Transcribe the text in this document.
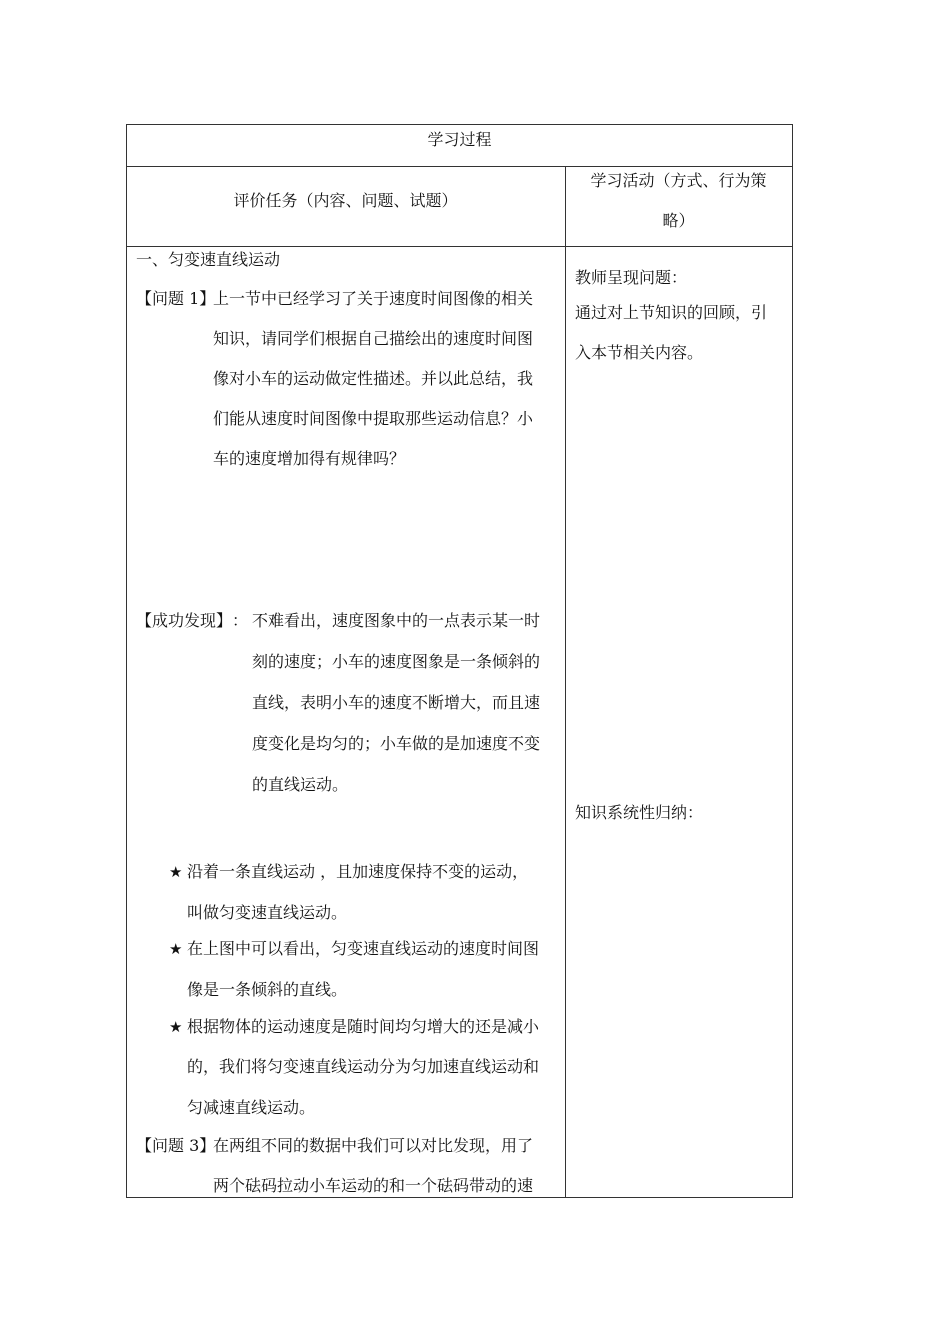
学习过程
评价任务（内容、问题、试题）
学习活动（方式、行为策
略）
一、匀变速直线运动
【问题 1】
上一节中已经学习了关于速度时间图像的相关
知识，请同学们根据自己描绘出的速度时间图
像对小车的运动做定性描述。并以此总结，我
们能从速度时间图像中提取那些运动信息？小
车的速度增加得有规律吗？
【成功发现】 ： 不难看出，速度图象中的一点表示某一时
刻的速度；小车的速度图象是一条倾斜的
直线，表明小车的速度不断增大，而且速
度变化是均匀的；小车做的是加速度不变
的直线运动。
★ 沿着一条直线运动 ，且加速度保持不变的运动，
叫做匀变速直线运动。
★ 在上图中可以看出，匀变速直线运动的速度时间图
像是一条倾斜的直线。
★ 根据物体的运动速度是随时间均匀增大的还是减小
的，我们将匀变速直线运动分为匀加速直线运动和
匀减速直线运动。
【问题 3】
在两组不同的数据中我们可以对比发现，用了
两个砝码拉动小车运动的和一个砝码带动的速
教师呈现问题：
通过对上节知识的回顾，引
入本节相关内容。
知识系统性归纳：
